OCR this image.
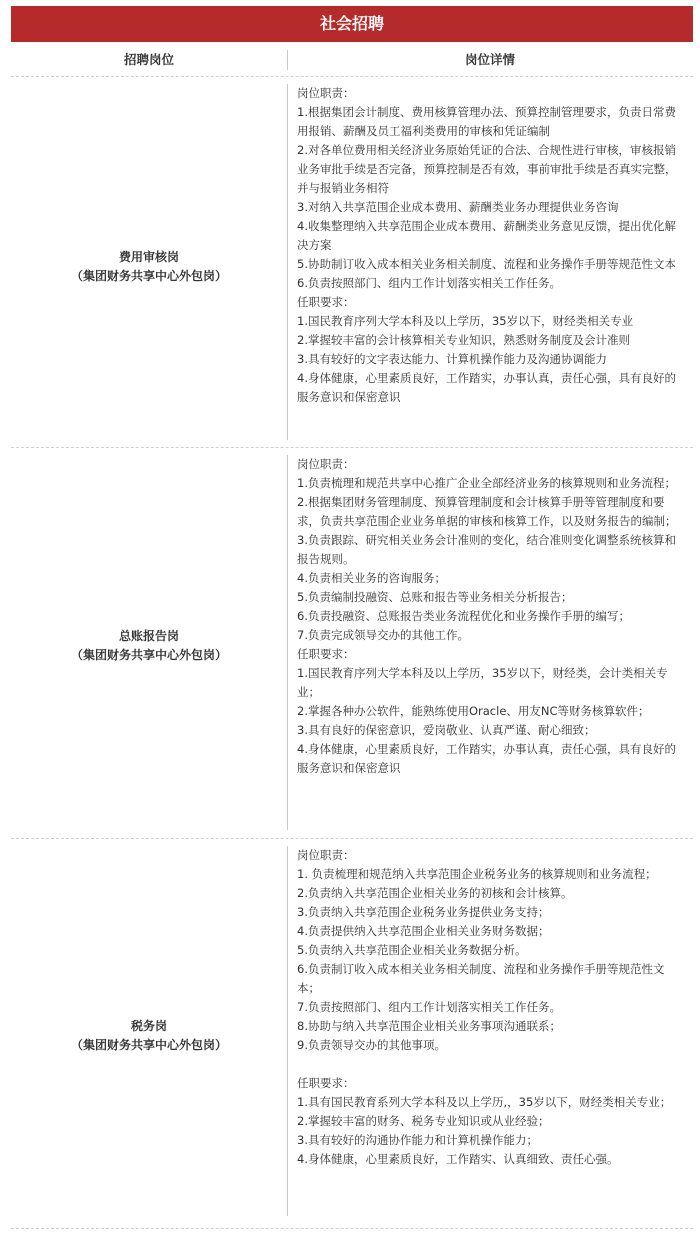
社会招聘
招聘岗位	岗位详情
费用审核岗
（集团财务共享中心外包岗）
岗位职责：
1.根据集团会计制度、费用核算管理办法、预算控制管理要求，负责日常费用报销、薪酬及员工福利类费用的审核和凭证编制
2.对各单位费用相关经济业务原始凭证的合法、合规性进行审核，审核报销业务审批手续是否完备，预算控制是否有效，事前审批手续是否真实完整，并与报销业务相符
3.对纳入共享范围企业成本费用、薪酬类业务办理提供业务咨询
4.收集整理纳入共享范围企业成本费用、薪酬类业务意见反馈，提出优化解决方案
5.协助制订收入成本相关业务相关制度、流程和业务操作手册等规范性文本
6.负责按照部门、组内工作计划落实相关工作任务。
任职要求：
1.国民教育序列大学本科及以上学历，35岁以下，财经类相关专业
2.掌握较丰富的会计核算相关专业知识，熟悉财务制度及会计准则
3.具有较好的文字表达能力、计算机操作能力及沟通协调能力
4.身体健康，心里素质良好，工作踏实，办事认真，责任心强，具有良好的服务意识和保密意识
总账报告岗
（集团财务共享中心外包岗）
岗位职责：
1.负责梳理和规范共享中心推广企业全部经济业务的核算规则和业务流程；
2.根据集团财务管理制度、预算管理制度和会计核算手册等管理制度和要求，负责共享范围企业业务单据的审核和核算工作，以及财务报告的编制；
3.负责跟踪、研究相关业务会计准则的变化，结合准则变化调整系统核算和报告规则。
4.负责相关业务的咨询服务；
5.负责编制投融资、总账和报告等业务相关分析报告；
6.负责投融资、总账报告类业务流程优化和业务操作手册的编写；
7.负责完成领导交办的其他工作。
任职要求：
1.国民教育序列大学本科及以上学历，35岁以下，财经类，会计类相关专业；
2.掌握各种办公软件，能熟练使用Oracle、用友NC等财务核算软件；
3.具有良好的保密意识，爱岗敬业、认真严谨、耐心细致；
4.身体健康，心里素质良好，工作踏实，办事认真，责任心强，具有良好的服务意识和保密意识
税务岗
（集团财务共享中心外包岗）
岗位职责：
1. 负责梳理和规范纳入共享范围企业税务业务的核算规则和业务流程；
2.负责纳入共享范围企业相关业务的初核和会计核算。
3.负责纳入共享范围企业税务业务提供业务支持；
4.负责提供纳入共享范围企业相关业务财务数据；
5.负责纳入共享范围企业相关业务数据分析。
6.负责制订收入成本相关业务相关制度、流程和业务操作手册等规范性文本；
7.负责按照部门、组内工作计划落实相关工作任务。
8.协助与纳入共享范围企业相关业务事项沟通联系；
9.负责领导交办的其他事项。
任职要求：
1.具有国民教育系列大学本科及以上学历,，35岁以下，财经类相关专业；
2.掌握较丰富的财务、税务专业知识或从业经验；
3.具有较好的沟通协作能力和计算机操作能力；
4.身体健康，心里素质良好，工作踏实、认真细致、责任心强。
